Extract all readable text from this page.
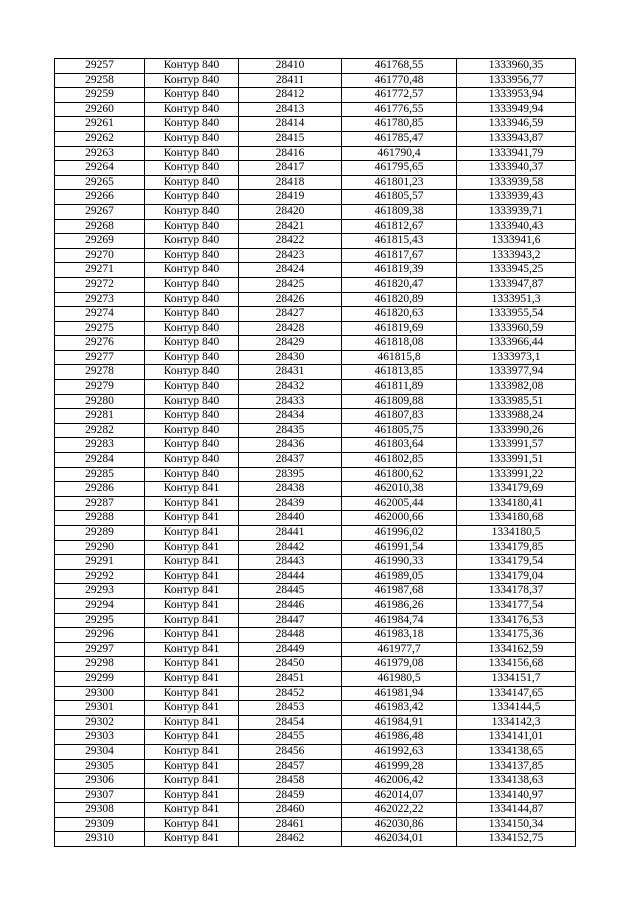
29257	Контур 840	28410	461768,55	1333960,35
29258	Контур 840	28411	461770,48	1333956,77
29259	Контур 840	28412	461772,57	1333953,94
29260	Контур 840	28413	461776,55	1333949,94
29261	Контур 840	28414	461780,85	1333946,59
29262	Контур 840	28415	461785,47	1333943,87
29263	Контур 840	28416	461790,4	1333941,79
29264	Контур 840	28417	461795,65	1333940,37
29265	Контур 840	28418	461801,23	1333939,58
29266	Контур 840	28419	461805,57	1333939,43
29267	Контур 840	28420	461809,38	1333939,71
29268	Контур 840	28421	461812,67	1333940,43
29269	Контур 840	28422	461815,43	1333941,6
29270	Контур 840	28423	461817,67	1333943,2
29271	Контур 840	28424	461819,39	1333945,25
29272	Контур 840	28425	461820,47	1333947,87
29273	Контур 840	28426	461820,89	1333951,3
29274	Контур 840	28427	461820,63	1333955,54
29275	Контур 840	28428	461819,69	1333960,59
29276	Контур 840	28429	461818,08	1333966,44
29277	Контур 840	28430	461815,8	1333973,1
29278	Контур 840	28431	461813,85	1333977,94
29279	Контур 840	28432	461811,89	1333982,08
29280	Контур 840	28433	461809,88	1333985,51
29281	Контур 840	28434	461807,83	1333988,24
29282	Контур 840	28435	461805,75	1333990,26
29283	Контур 840	28436	461803,64	1333991,57
29284	Контур 840	28437	461802,85	1333991,51
29285	Контур 840	28395	461800,62	1333991,22
29286	Контур 841	28438	462010,38	1334179,69
29287	Контур 841	28439	462005,44	1334180,41
29288	Контур 841	28440	462000,66	1334180,68
29289	Контур 841	28441	461996,02	1334180,5
29290	Контур 841	28442	461991,54	1334179,85
29291	Контур 841	28443	461990,33	1334179,54
29292	Контур 841	28444	461989,05	1334179,04
29293	Контур 841	28445	461987,68	1334178,37
29294	Контур 841	28446	461986,26	1334177,54
29295	Контур 841	28447	461984,74	1334176,53
29296	Контур 841	28448	461983,18	1334175,36
29297	Контур 841	28449	461977,7	1334162,59
29298	Контур 841	28450	461979,08	1334156,68
29299	Контур 841	28451	461980,5	1334151,7
29300	Контур 841	28452	461981,94	1334147,65
29301	Контур 841	28453	461983,42	1334144,5
29302	Контур 841	28454	461984,91	1334142,3
29303	Контур 841	28455	461986,48	1334141,01
29304	Контур 841	28456	461992,63	1334138,65
29305	Контур 841	28457	461999,28	1334137,85
29306	Контур 841	28458	462006,42	1334138,63
29307	Контур 841	28459	462014,07	1334140,97
29308	Контур 841	28460	462022,22	1334144,87
29309	Контур 841	28461	462030,86	1334150,34
29310	Контур 841	28462	462034,01	1334152,75
